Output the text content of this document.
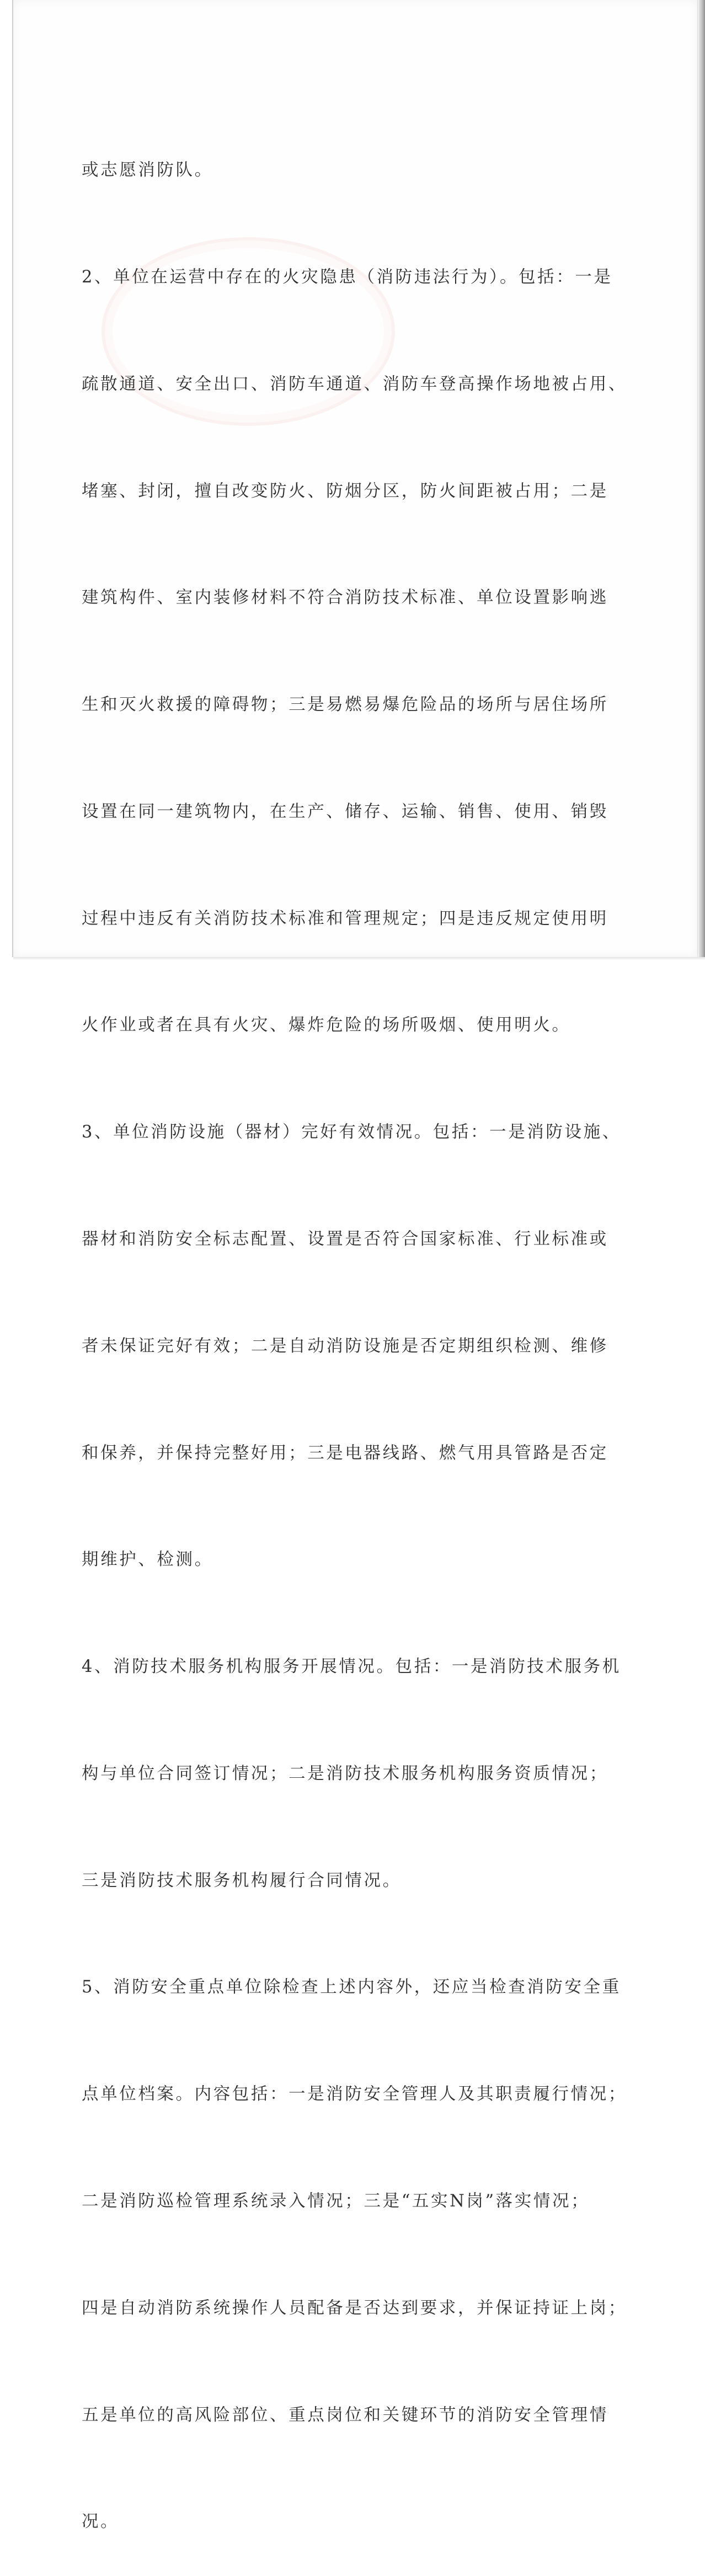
或志愿消防队。

2、单位在运营中存在的火灾隐患（消防违法行为）。包括：一是

疏散通道、安全出口、消防车通道、消防车登高操作场地被占用、

堵塞、封闭，擅自改变防火、防烟分区，防火间距被占用；二是

建筑构件、室内装修材料不符合消防技术标准、单位设置影响逃

生和灭火救援的障碍物；三是易燃易爆危险品的场所与居住场所

设置在同一建筑物内，在生产、储存、运输、销售、使用、销毁

过程中违反有关消防技术标准和管理规定；四是违反规定使用明

火作业或者在具有火灾、爆炸危险的场所吸烟、使用明火。

3、单位消防设施（器材）完好有效情况。包括：一是消防设施、

器材和消防安全标志配置、设置是否符合国家标准、行业标准或

者未保证完好有效；二是自动消防设施是否定期组织检测、维修

和保养，并保持完整好用；三是电器线路、燃气用具管路是否定

期维护、检测。

4、消防技术服务机构服务开展情况。包括：一是消防技术服务机

构与单位合同签订情况；二是消防技术服务机构服务资质情况；

三是消防技术服务机构履行合同情况。

5、消防安全重点单位除检查上述内容外，还应当检查消防安全重

点单位档案。内容包括：一是消防安全管理人及其职责履行情况；

二是消防巡检管理系统录入情况；三是“五实N岗”落实情况；

四是自动消防系统操作人员配备是否达到要求，并保证持证上岗；

五是单位的高风险部位、重点岗位和关键环节的消防安全管理情

况。
